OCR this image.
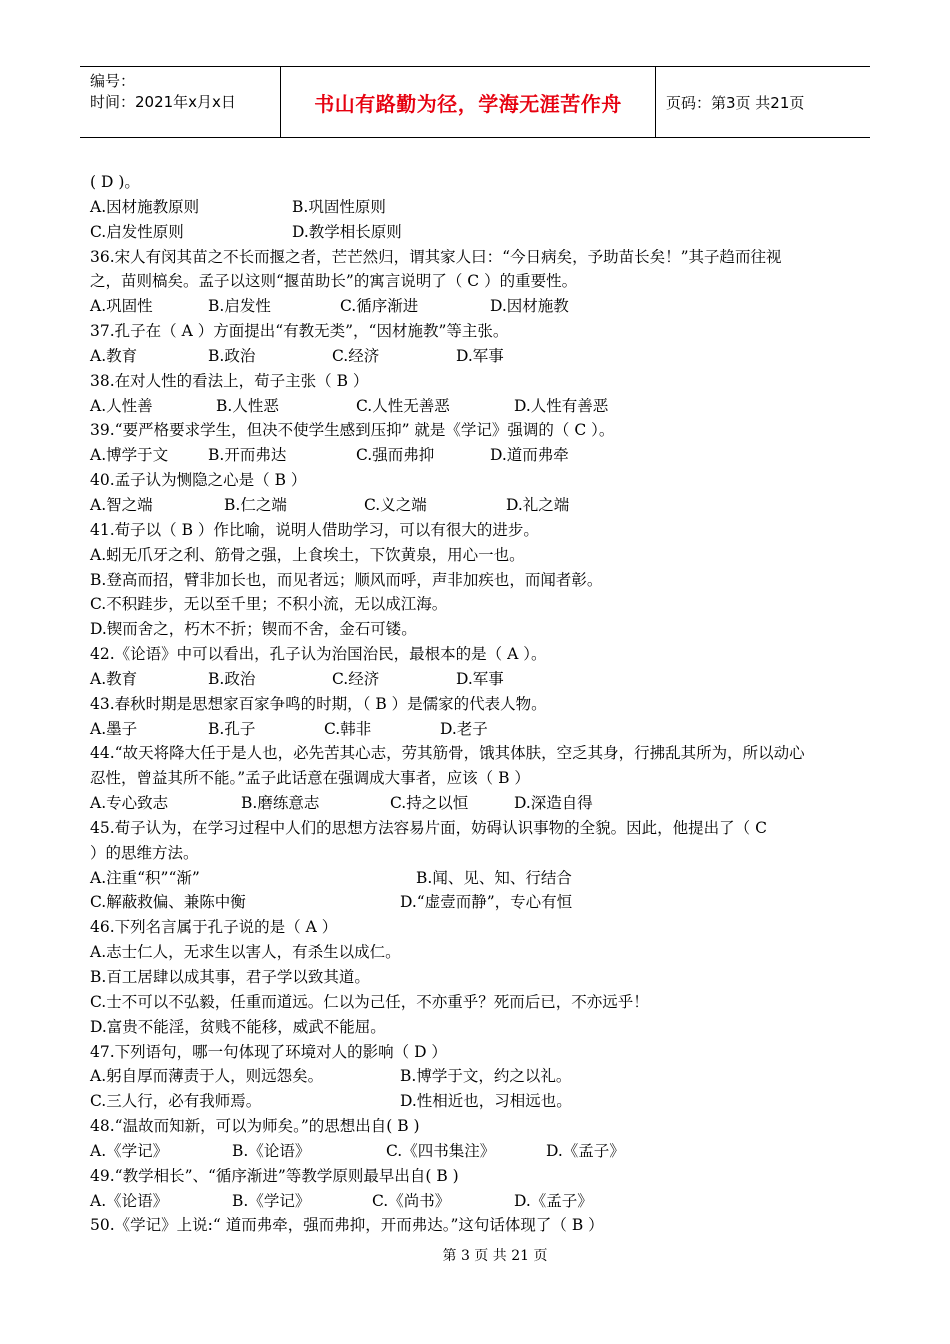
编号：
时间：2021年x月x日	书山有路勤为径，学海无涯苦作舟	页码：第3页 共21页
( D )。
A.因材施教原则	B.巩固性原则
C.启发性原则	D.教学相长原则
36.宋人有闵其苗之不长而揠之者，芒芒然归，谓其家人曰：“今日病矣，予助苗长矣！”其子趋而往视
之，苗则槁矣。孟子以这则“揠苗助长”的寓言说明了（ C ）的重要性。
A.巩固性	B.启发性	C.循序渐进	D.因材施教
37.孔子在（ A ）方面提出“有教无类”，“因材施教”等主张。
A.教育	B.政治	C.经济	D.军事
38.在对人性的看法上，荀子主张（ B ）
A.人性善	B.人性恶	C.人性无善恶	D.人性有善恶
39.“要严格要求学生，但决不使学生感到压抑” 就是《学记》强调的（ C ）。
A.博学于文	B.开而弗达	C.强而弗抑	D.道而弗牵
40.孟子认为恻隐之心是（ B ）
A.智之端	B.仁之端	C.义之端	D.礼之端
41.荀子以（ B ）作比喻，说明人借助学习，可以有很大的进步。
A.蚓无爪牙之利、筋骨之强，上食埃土，下饮黄泉，用心一也。
B.登高而招，臂非加长也，而见者远；顺风而呼，声非加疾也，而闻者彰。
C.不积跬步，无以至千里；不积小流，无以成江海。
D.锲而舍之，朽木不折；锲而不舍，金石可镂。
42.《论语》中可以看出，孔子认为治国治民，最根本的是（ A ）。
A.教育	B.政治	C.经济	D.军事
43.春秋时期是思想家百家争鸣的时期，（ B ）是儒家的代表人物。
A.墨子	B.孔子	C.韩非	D.老子
44.“故天将降大任于是人也，必先苦其心志，劳其筋骨，饿其体肤，空乏其身，行拂乱其所为，所以动心
忍性，曾益其所不能。”孟子此话意在强调成大事者，应该（ B ）
A.专心致志	B.磨练意志	C.持之以恒	D.深造自得
45.荀子认为，在学习过程中人们的思想方法容易片面，妨碍认识事物的全貌。因此，他提出了（ C
）的思维方法。
A.注重“积”“渐”	B.闻、见、知、行结合
C.解蔽救偏、兼陈中衡	D.“虚壹而静”，专心有恒
46.下列名言属于孔子说的是（ A ）
A.志士仁人，无求生以害人，有杀生以成仁。
B.百工居肆以成其事，君子学以致其道。
C.士不可以不弘毅，任重而道远。仁以为己任，不亦重乎？死而后已，不亦远乎！
D.富贵不能淫，贫贱不能移，威武不能屈。
47.下列语句，哪一句体现了环境对人的影响（ D ）
A.躬自厚而薄责于人，则远怨矣。	B.博学于文，约之以礼。
C.三人行，必有我师焉。	D.性相近也，习相远也。
48.“温故而知新，可以为师矣。”的思想出自( B )
A.《学记》	B.《论语》	C.《四书集注》	D.《孟子》
49.“教学相长”、“循序渐进”等教学原则最早出自( B )
A.《论语》	B.《学记》	C.《尚书》	D.《孟子》
50.《学记》上说:“ 道而弗牵，强而弗抑，开而弗达。”这句话体现了（ B ）
第 3 页 共 21 页
